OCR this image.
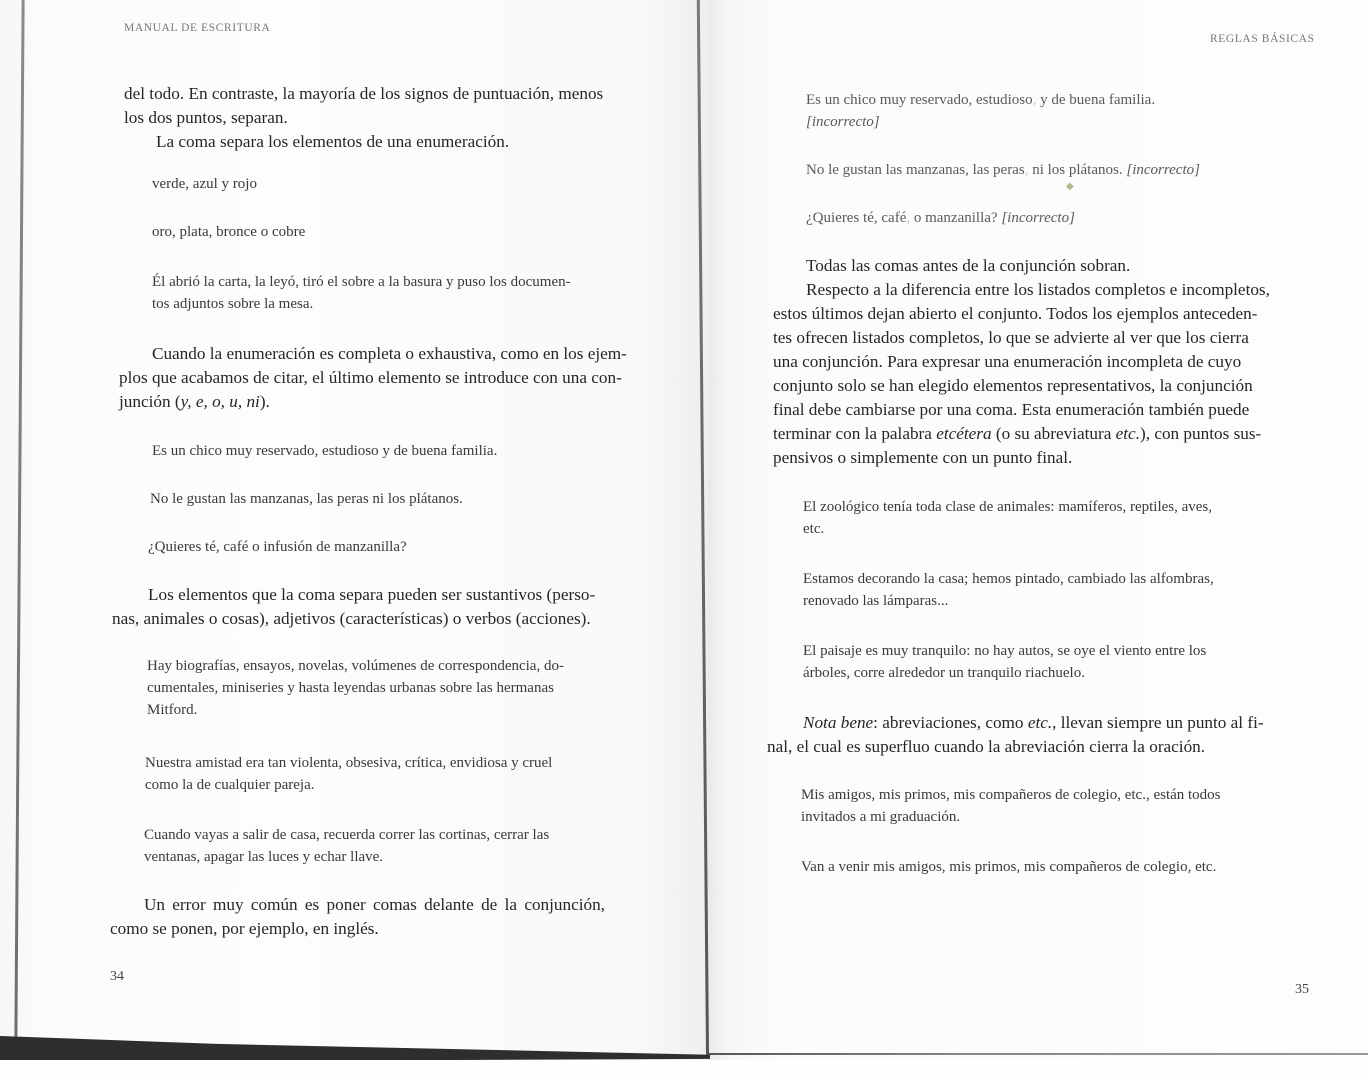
MANUAL DE ESCRITURA

del todo. En contraste, la mayoría de los signos de puntuación, menos

los dos puntos, separan.

La coma separa los elementos de una enumeración.

verde, azul y rojo
oro, plata, bronce o cobre

Él abrió la carta, la leyó, tiró el sobre a la basura y puso los documen-

tos adjuntos sobre la mesa.

Cuando la enumeración es completa o exhaustiva, como en los ejem-

plos que acabamos de citar, el último elemento se introduce con una con-

junción (y, e, o, u, ni).

Es un chico muy reservado, estudioso y de buena familia.
No le gustan las manzanas, las peras ni los plátanos.
¿Quieres té, café o infusión de manzanilla?

Los elementos que la coma separa pueden ser sustantivos (perso-

nas, animales o cosas), adjetivos (características) o verbos (acciones).

Hay biografías, ensayos, novelas, volúmenes de correspondencia, do-

cumentales, miniseries y hasta leyendas urbanas sobre las hermanas

Mitford.

Nuestra amistad era tan violenta, obsesiva, crítica, envidiosa y cruel

como la de cualquier pareja.

Cuando vayas a salir de casa, recuerda correr las cortinas, cerrar las

ventanas, apagar las luces y echar llave.

Un error muy común es poner comas delante de la conjunción,

como se ponen, por ejemplo, en inglés.

34
REGLAS BÁSICAS

Es un chico muy reservado, estudioso, y de buena familia.

[incorrecto]

No le gustan las manzanas, las peras, ni los plátanos. [incorrecto]

◆

¿Quieres té, café, o manzanilla? [incorrecto]

Todas las comas antes de la conjunción sobran.

Respecto a la diferencia entre los listados completos e incompletos,

estos últimos dejan abierto el conjunto. Todos los ejemplos anteceden-

tes ofrecen listados completos, lo que se advierte al ver que los cierra

una conjunción. Para expresar una enumeración incompleta de cuyo

conjunto solo se han elegido elementos representativos, la conjunción

final debe cambiarse por una coma. Esta enumeración también puede

terminar con la palabra etcétera (o su abreviatura etc.), con puntos sus-

pensivos o simplemente con un punto final.

El zoológico tenía toda clase de animales: mamíferos, reptiles, aves,

etc.

Estamos decorando la casa; hemos pintado, cambiado las alfombras,

renovado las lámparas...

El paisaje es muy tranquilo: no hay autos, se oye el viento entre los

árboles, corre alrededor un tranquilo riachuelo.

Nota bene: abreviaciones, como etc., llevan siempre un punto al fi-

nal, el cual es superfluo cuando la abreviación cierra la oración.

Mis amigos, mis primos, mis compañeros de colegio, etc., están todos

invitados a mi graduación.

Van a venir mis amigos, mis primos, mis compañeros de colegio, etc.

35
